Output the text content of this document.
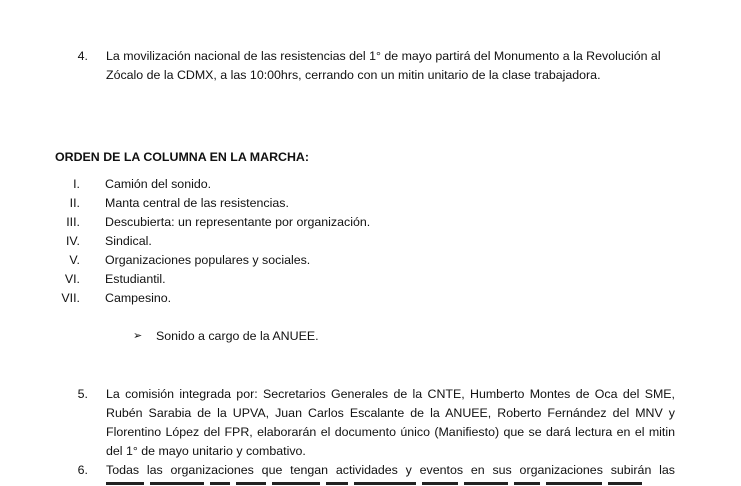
4. La movilización nacional de las resistencias del 1° de mayo partirá del Monumento a la Revolución al
Zócalo de la CDMX, a las 10:00hrs, cerrando con un mitin unitario de la clase trabajadora.
ORDEN DE LA COLUMNA EN LA MARCHA:
I. Camión del sonido.
II. Manta central de las resistencias.
III. Descubierta: un representante por organización.
IV. Sindical.
V. Organizaciones populares y sociales.
VI. Estudiantil.
VII. Campesino.
➢ Sonido a cargo de la ANUEE.
5. La comisión integrada por: Secretarios Generales de la CNTE, Humberto Montes de Oca del SME,
Rubén Sarabia de la UPVA, Juan Carlos Escalante de la ANUEE, Roberto Fernández del MNV y
Florentino López del FPR, elaborarán el documento único (Manifiesto) que se dará lectura en el mitin
del 1° de mayo unitario y combativo.
6. Todas las organizaciones que tengan actividades y eventos en sus organizaciones subirán las
